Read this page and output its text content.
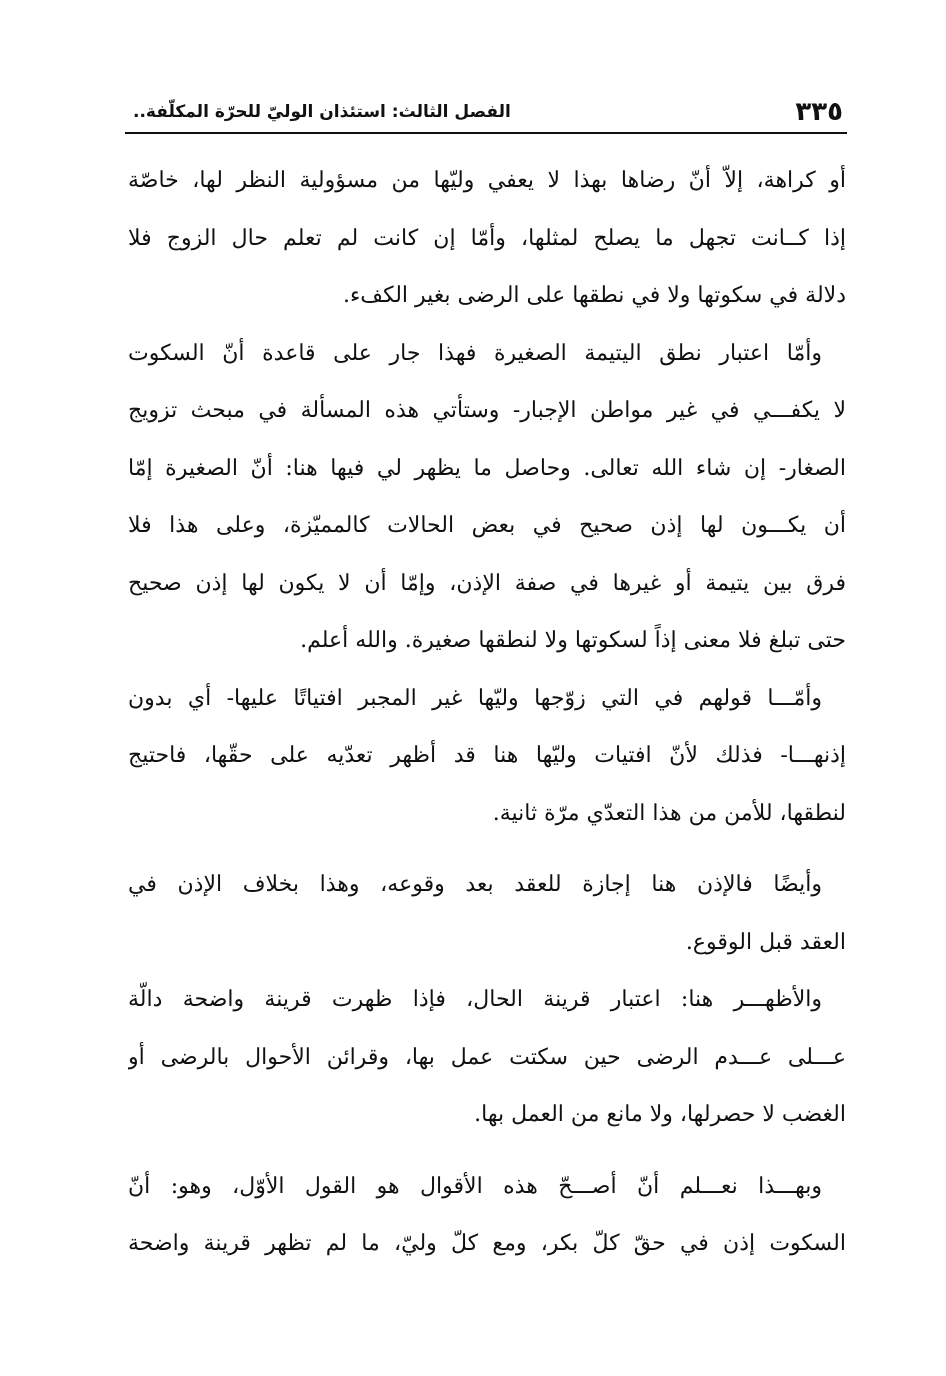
٣٣٥
الفصل الثالث: استئذان الوليّ للحرّة المكلّفة..
أو كراهة، إلاّ أنّ رضاها بهذا لا يعفي وليّها من مسؤولية النظر لها، خاصّة
إذا كــانت تجهل ما يصلح لمثلها، وأمّا إن كانت لم تعلم حال الزوج فلا
دلالة في سكوتها ولا في نطقها على الرضى بغير الكفء.
وأمّا اعتبار نطق اليتيمة الصغيرة فهذا جار على قاعدة أنّ السكوت
لا يكفـــي في غير مواطن الإجبار- وستأتي هذه المسألة في مبحث تزويج
الصغار- إن شاء الله تعالى. وحاصل ما يظهر لي فيها هنا: أنّ الصغيرة إمّا
أن يكـــون لها إذن صحيح في بعض الحالات كالمميّزة، وعلى هذا فلا
فرق بين يتيمة أو غيرها في صفة الإذن، وإمّا أن لا يكون لها إذن صحيح
حتى تبلغ فلا معنى إذاً لسكوتها ولا لنطقها صغيرة. والله أعلم.
وأمّـــا قولهم في التي زوّجها وليّها غير المجبر افتياتًا عليها- أي بدون
إذنهـــا- فذلك لأنّ افتيات وليّها هنا قد أظهر تعدّيه على حقّها، فاحتيج
لنطقها، للأمن من هذا التعدّي مرّة ثانية.
وأيضًا فالإذن هنا إجازة للعقد بعد وقوعه، وهذا بخلاف الإذن في
العقد قبل الوقوع.
والأظهـــر هنا: اعتبار قرينة الحال، فإذا ظهرت قرينة واضحة دالّة
عـــلى عـــدم الرضى حين سكتت عمل بها، وقرائن الأحوال بالرضى أو
الغضب لا حصرلها، ولا مانع من العمل بها.
وبهـــذا نعـــلم أنّ أصـــحّ هذه الأقوال هو القول الأوّل، وهو: أنّ
السكوت إذن في حقّ كلّ بكر، ومع كلّ وليّ، ما لم تظهر قرينة واضحة
